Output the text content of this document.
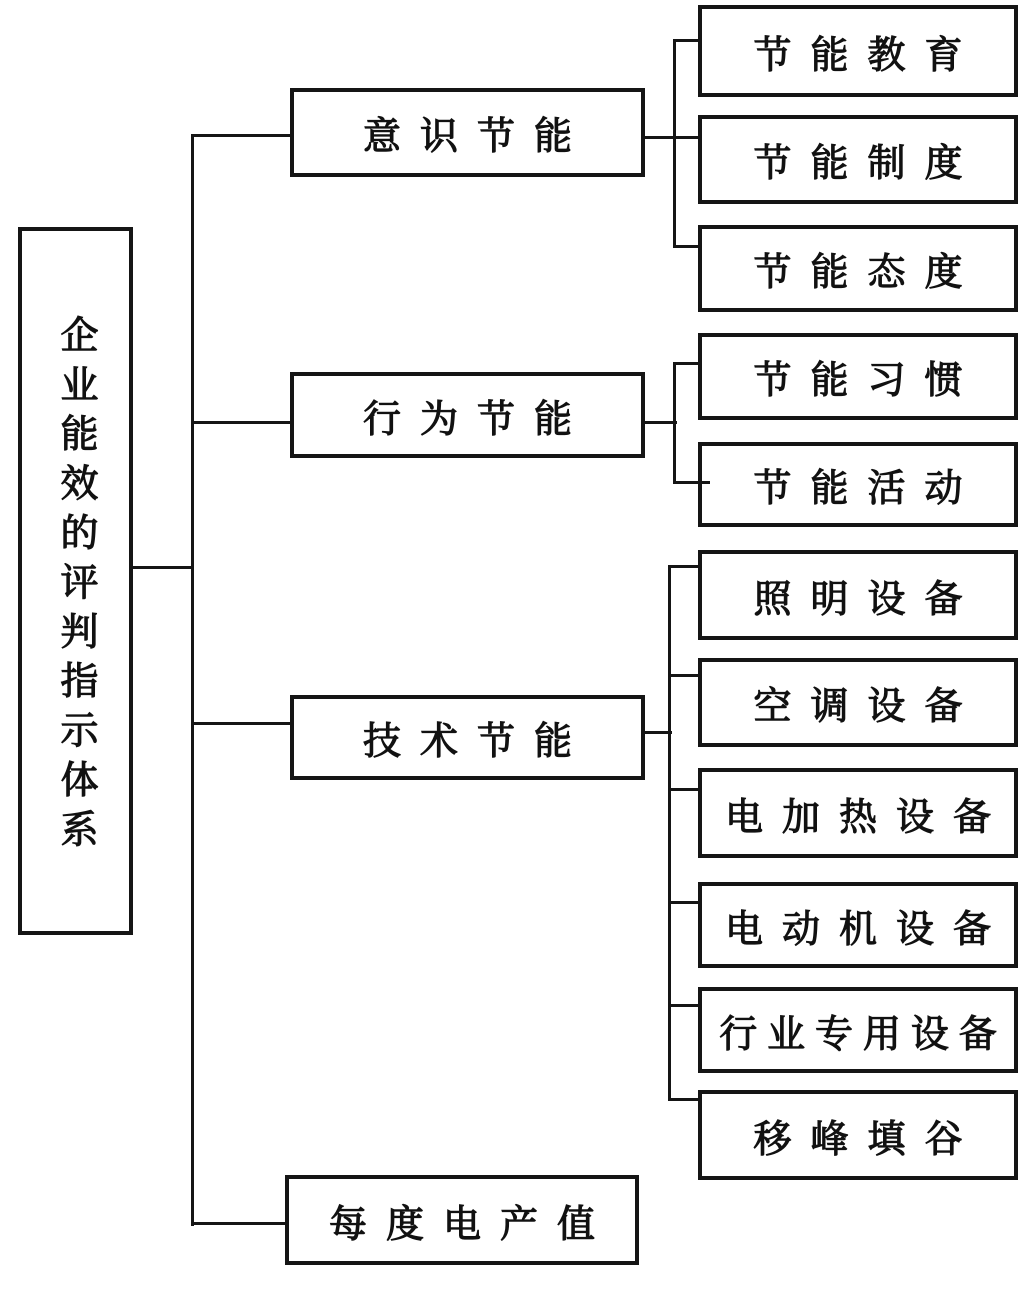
企业能效的评判指示体系
意识节能
行为节能
技术节能
每度电产值
节能教育
节能制度
节能态度
节能习惯
节能活动
照明设备
空调设备
电加热设备
电动机设备
行业专用设备
移峰填谷
